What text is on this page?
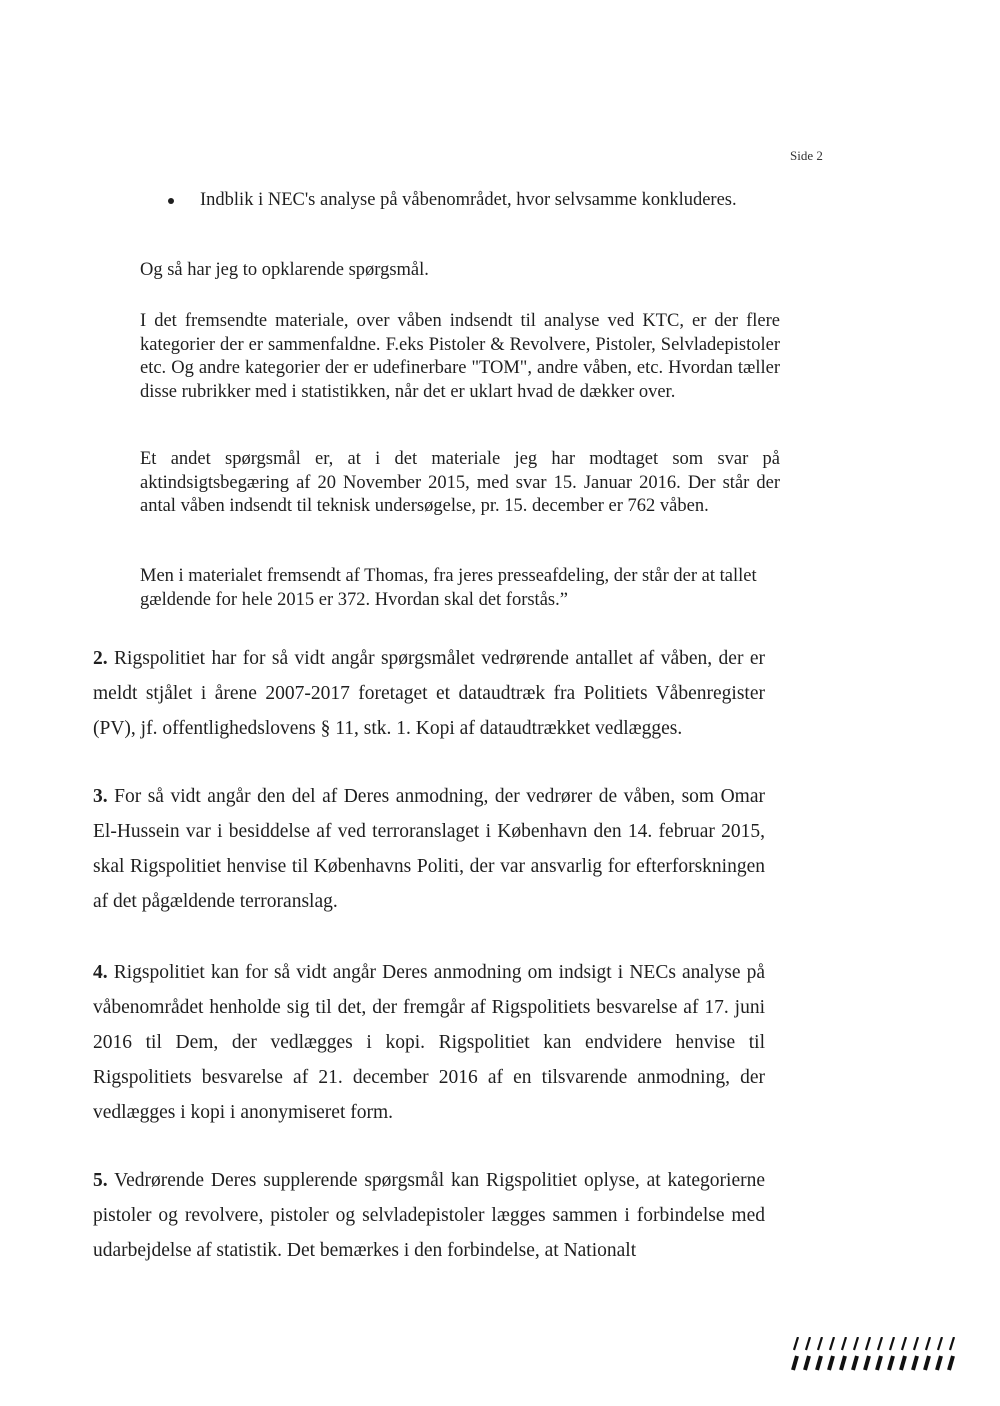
Side 2
Indblik i NEC's analyse på våbenområdet, hvor selvsamme konkluderes.
Og så har jeg to opklarende spørgsmål.
I det fremsendte materiale, over våben indsendt til analyse ved KTC, er der flere kategorier der er sammenfaldne. F.eks Pistoler & Revolvere, Pistoler, Selvladepistoler etc. Og andre kategorier der er udefinerbare "TOM", andre våben, etc. Hvordan tæller disse rubrikker med i statistikken, når det er uklart hvad de dækker over.
Et andet spørgsmål er, at i det materiale jeg har modtaget som svar på aktindsigtsbegæring af 20 November 2015, med svar 15. Januar 2016. Der står der antal våben indsendt til teknisk undersøgelse, pr. 15. december er 762 våben.
Men i materialet fremsendt af Thomas, fra jeres presseafdeling, der står der at tallet gældende for hele 2015 er 372. Hvordan skal det forstås.”
2. Rigspolitiet har for så vidt angår spørgsmålet vedrørende antallet af våben, der er meldt stjålet i årene 2007-2017 foretaget et dataudtræk fra Politiets Våbenregister (PV), jf. offentlighedslovens § 11, stk. 1. Kopi af dataudtrækket vedlægges.
3. For så vidt angår den del af Deres anmodning, der vedrører de våben, som Omar El-Hussein var i besiddelse af ved terroranslaget i København den 14. februar 2015, skal Rigspolitiet henvise til Københavns Politi, der var ansvarlig for efterforskningen af det pågældende terroranslag.
4. Rigspolitiet kan for så vidt angår Deres anmodning om indsigt i NECs analyse på våbenområdet henholde sig til det, der fremgår af Rigspolitiets besvarelse af 17. juni 2016 til Dem, der vedlægges i kopi. Rigspolitiet kan endvidere henvise til Rigspolitiets besvarelse af 21. december 2016 af en tilsvarende anmodning, der vedlægges i kopi i anonymiseret form.
5. Vedrørende Deres supplerende spørgsmål kan Rigspolitiet oplyse, at kategorierne pistoler og revolvere, pistoler og selvladepistoler lægges sammen i forbindelse med udarbejdelse af statistik. Det bemærkes i den forbindelse, at Nationalt
